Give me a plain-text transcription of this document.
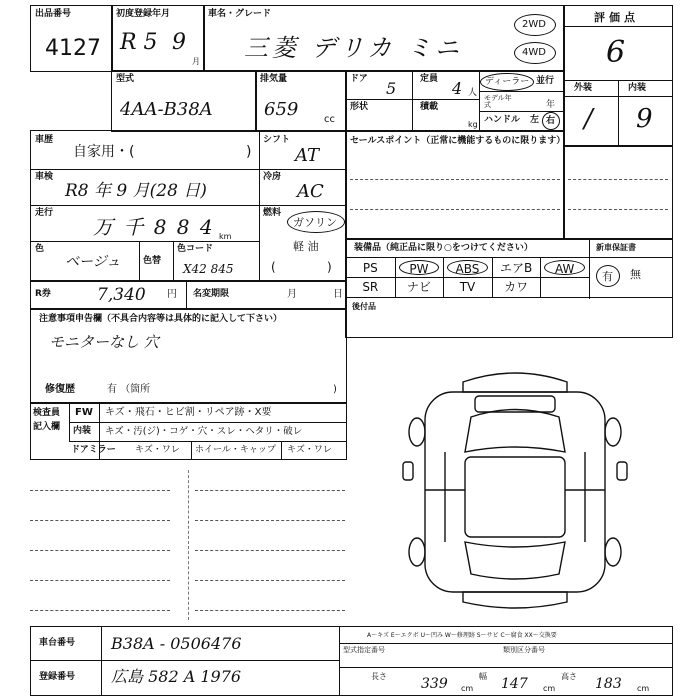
出品番号
4127
初度登録年月
R 5 9
月
車名・グレード
三菱 デリカ ミニ
2WD
4WD
評価点
6
外装	内装
/ 9
型式
4AA-B38A
排気量
659	cc
ドア 5	定員 4 人
形状	積載
kg
ディーラー 並行
モデル年式	年
ハンドル 左 右
車歴
自家用・(	)
シフト
AT
車検
R8 年 9 月(28 日)
冷房
AC
走行
万 千 8 8 4 km
燃料
ガソリン
軽 油
色
ベージュ	色替
色コード
X42 845	(	)
R券	7,340 円 名変期限	月	日
セールスポイント（正常に機能するものに限ります）
装備品（純正品に限り○をつけてください）	新車保証書
有 無
後付品
PS	PW	ABS	エアB	AW
SR	ナビ	TV	カワ
注意事項申告欄（不具合内容等は具体的に記入して下さい）
モニターなし 穴
修復歴	有 （箇所	)
検査員
記入欄
FW キズ・飛石・ヒビ割・リペア跡・X要
内装 キズ・汚(ジ)・コゲ・穴・スレ・ヘタリ・破レ
ドアミラー キズ・ワレ ホイール・キャップ キズ・ワレ
車台番号 B38A - 0506476
登録番号 広島 582 A 1976
A～キズ E～エクボ U～凹み W～修理跡 S～サビ C～腐食 XX～交換要
型式指定番号	類別区分番号
長さ 339 cm
幅 147 cm
高さ 183 cm
